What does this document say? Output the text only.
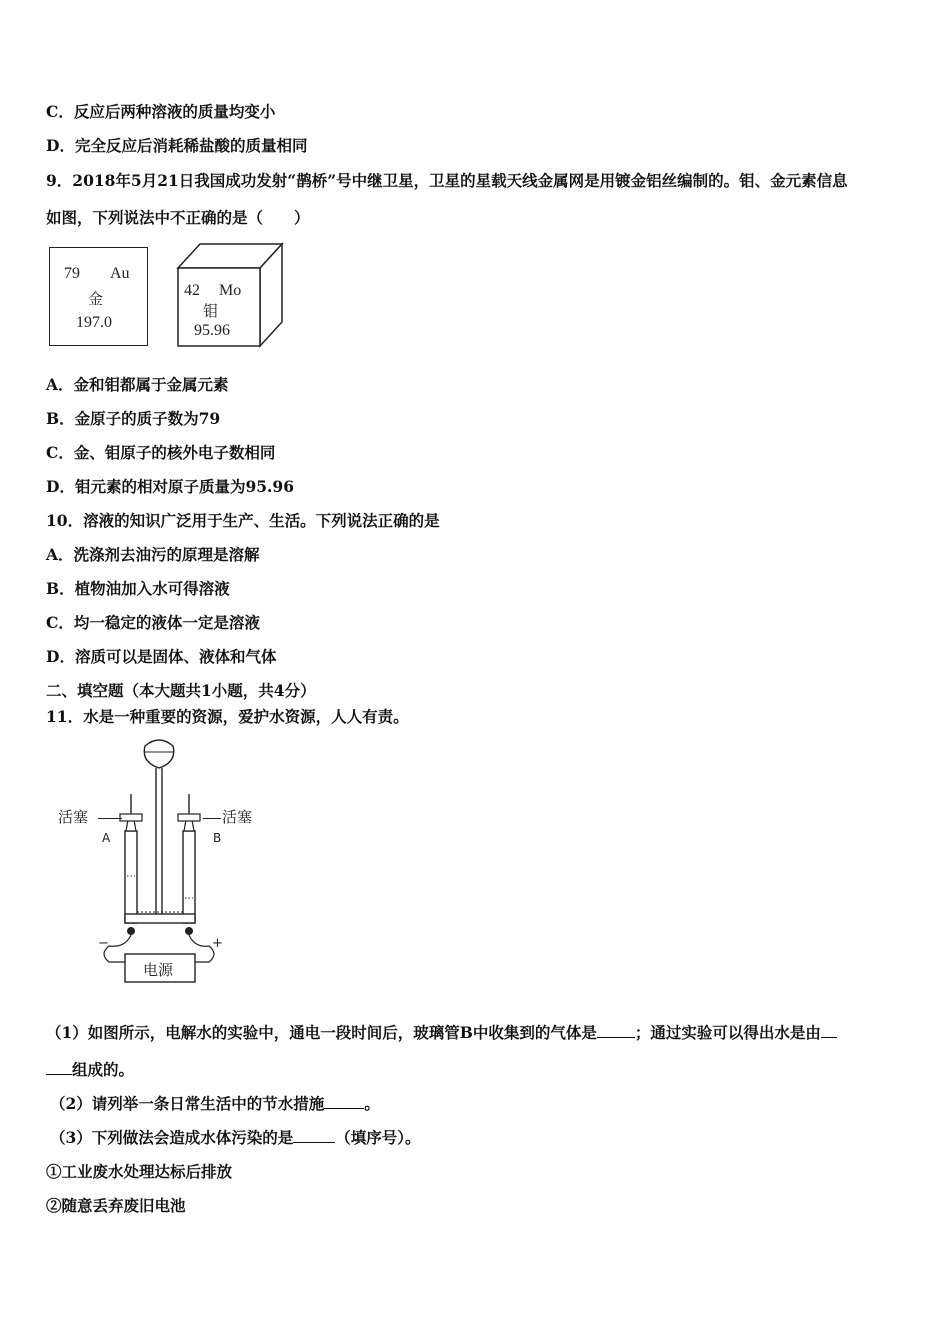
C．反应后两种溶液的质量均变小
D．完全反应后消耗稀盐酸的质量相同
9．2018年5月21日我国成功发射“鹊桥”号中继卫星，卫星的星载天线金属网是用镀金铝丝编制的。钼、金元素信息
如图，下列说法中不正确的是（　　）
79 Au
金
197.0
42 Mo
钼
95.96
A．金和钼都属于金属元素
B．金原子的质子数为79
C．金、钼原子的核外电子数相同
D．钼元素的相对原子质量为95.96
10．溶液的知识广泛用于生产、生活。下列说法正确的是
A．洗涤剂去油污的原理是溶解
B．植物油加入水可得溶液
C．均一稳定的液体一定是溶液
D．溶质可以是固体、液体和气体
二、填空题（本大题共1小题，共4分）
11．水是一种重要的资源，爱护水资源，人人有责。
活塞	活塞
A	B
−	+
电源
（1）如图所示，电解水的实验中，通电一段时间后，玻璃管B中收集到的气体是 ；通过实验可以得出水是由
组成的。
（2）请列举一条日常生活中的节水措施	。
（3）下列做法会造成水体污染的是	（填序号）。
①工业废水处理达标后排放
②随意丢弃废旧电池
